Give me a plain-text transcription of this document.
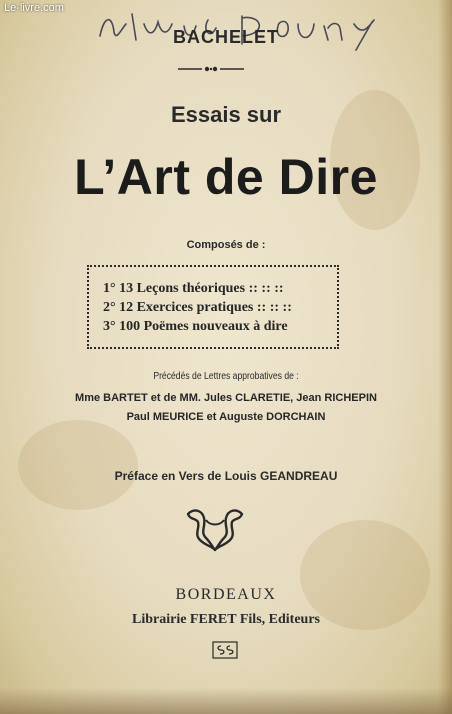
Le-livre.com
BACHELET
Essais sur
L’Art de Dire
Composés de :
1° 13 Leçons théoriques :: :: ::
2° 12 Exercices pratiques :: :: ::
3° 100 Poëmes nouveaux à dire
Précédés de Lettres approbatives de :
Mme BARTET et de MM. Jules CLARETIE, Jean RICHEPIN
Paul MEURICE et Auguste DORCHAIN
Préface en Vers de Louis GEANDREAU
BORDEAUX
Librairie FERET Fils, Editeurs
